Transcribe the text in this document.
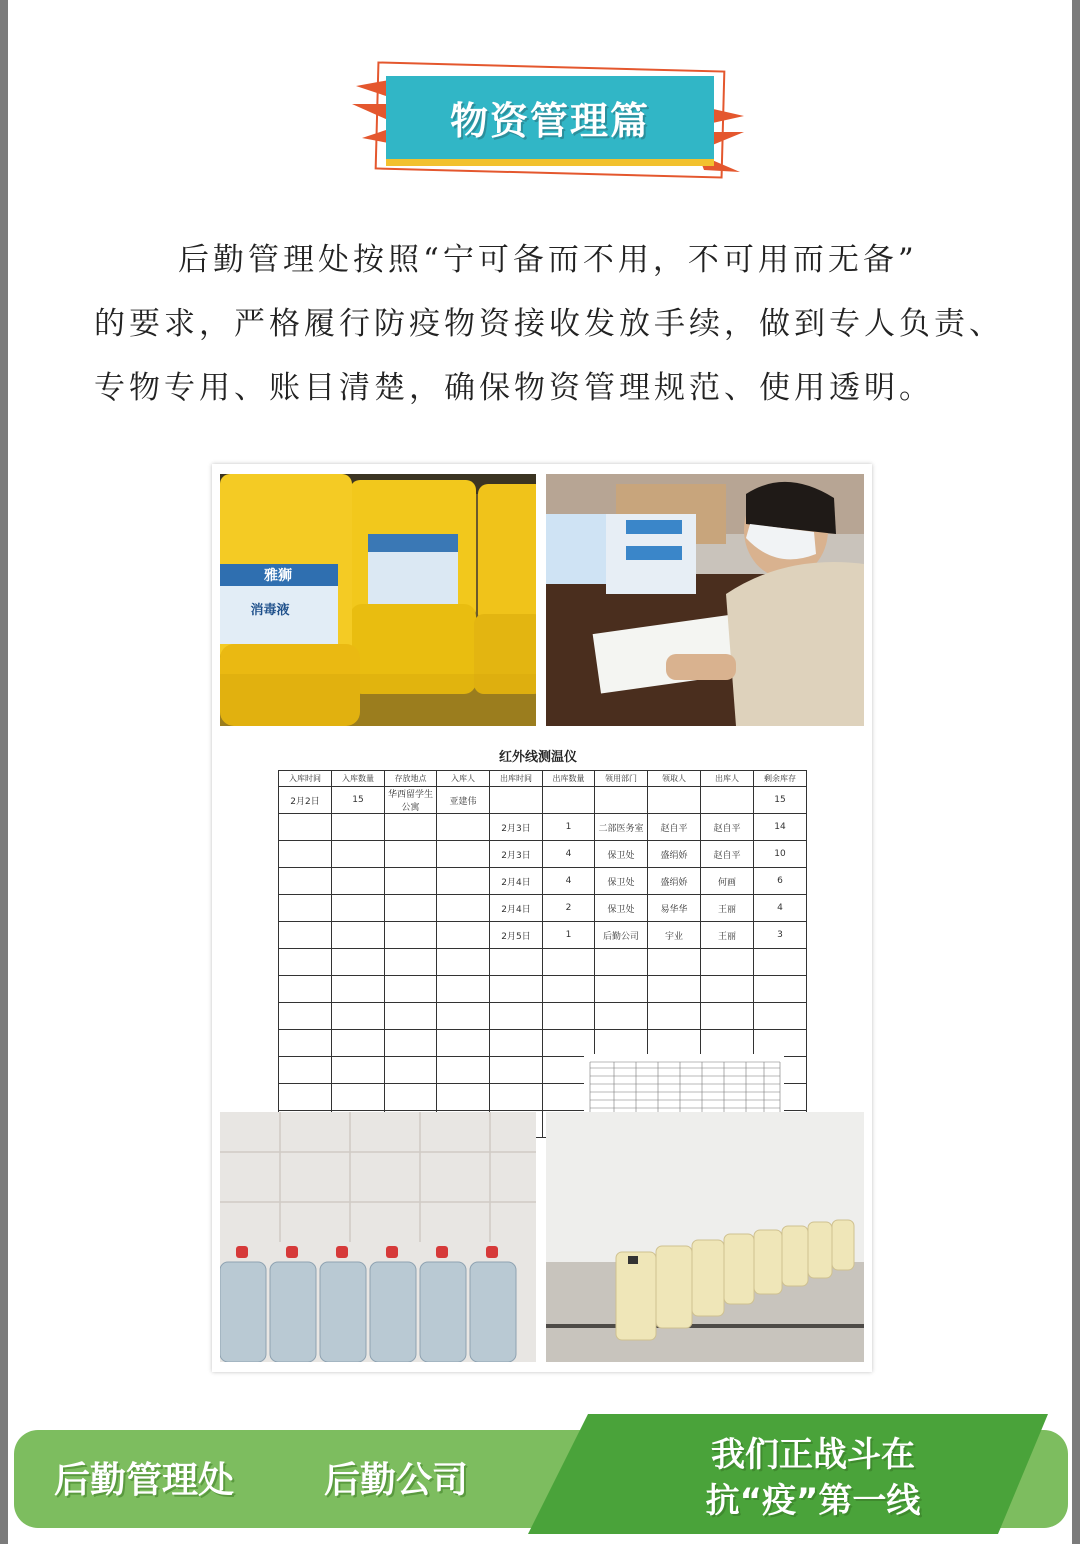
物资管理篇
后勤管理处按照“宁可备而不用，不可用而无备”
的要求，严格履行防疫物资接收发放手续，做到专人负责、
专物专用、账目清楚，确保物资管理规范、使用透明。
雅狮
消毒液
红外线测温仪
入库时间	入库数量	存放地点	入库人	出库时间	出库数量	领用部门	领取人	出库人	剩余库存
2月2日	15	华西留学生公寓	亚建伟						15
				2月3日	1	二部医务室	赵自平	赵自平	14
				2月3日	4	保卫处	盛绢娇	赵自平	10
				2月4日	4	保卫处	盛绢娇	何画	6
				2月4日	2	保卫处	易华华	王丽	4
				2月5日	1	后勤公司	宇业	王丽	3

后勤管理处 后勤公司
我们正战斗在
抗“疫”第一线
